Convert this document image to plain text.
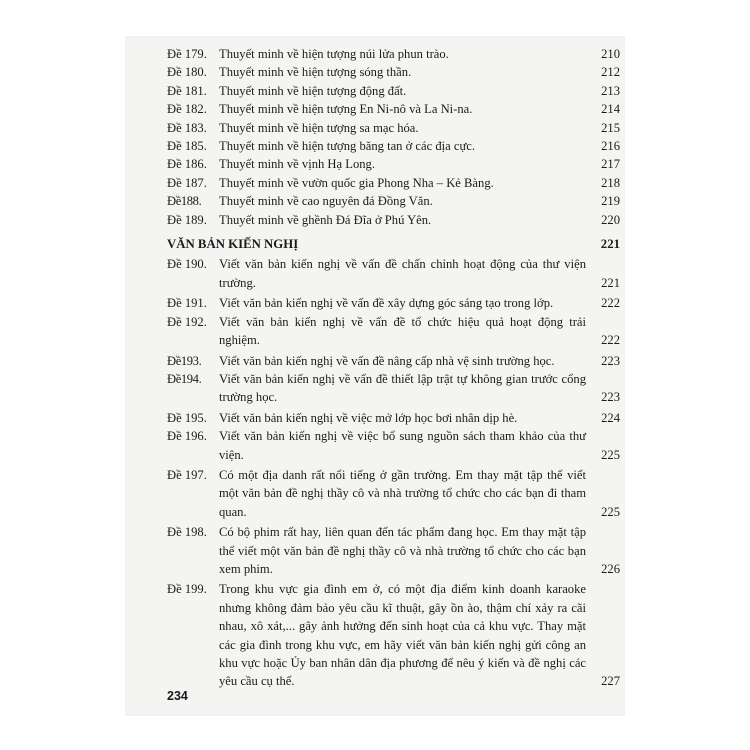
Đề 179. Thuyết minh về hiện tượng núi lửa phun trào.	210
Đề 180. Thuyết minh về hiện tượng sóng thần.	212
Đề 181. Thuyết minh về hiện tượng động đất.	213
Đề 182. Thuyết minh về hiện tượng En Ni-nô và La Ni-na.	214
Đề 183. Thuyết minh về hiện tượng sa mạc hóa.	215
Đề 185. Thuyết minh về hiện tượng băng tan ở các địa cực.	216
Đề 186. Thuyết minh về vịnh Hạ Long.	217
Đề 187. Thuyết minh về vườn quốc gia Phong Nha – Kẻ Bàng.	218
Đề188.	Thuyết minh về cao nguyên đá Đồng Văn.	219
Đề 189. Thuyết minh về ghềnh Đá Đĩa ở Phú Yên.	220
VĂN BẢN KIẾN NGHỊ	221
Đề 190. Viết văn bản kiến nghị về vấn đề chấn chỉnh hoạt động của thư viện trường.	221
Đề 191. Viết văn bản kiến nghị về vấn đề xây dựng góc sáng tạo trong lớp.	222
Đề 192. Viết văn bản kiến nghị về vấn đề tổ chức hiệu quả hoạt động trải nghiệm.	222
Đề193.	Viết văn bản kiến nghị về vấn đề nâng cấp nhà vệ sinh trường học.	223
Đề194.	Viết văn bản kiến nghị về vấn đề thiết lập trật tự không gian trước cổng trường học.	223
Đề 195. Viết văn bản kiến nghị về việc mở lớp học bơi nhân dịp hè.	224
Đề 196. Viết văn bản kiến nghị về việc bổ sung nguồn sách tham khảo của thư viện.	225
Đề 197. Có một địa danh rất nổi tiếng ở gần trường. Em thay mặt tập thể viết một văn bản đề nghị thầy cô và nhà trường tổ chức cho các bạn đi tham quan.	225
Đề 198. Có bộ phim rất hay, liên quan đến tác phẩm đang học. Em thay mặt tập thể viết một văn bản đề nghị thầy cô và nhà trường tổ chức cho các bạn xem phim.	226
Đề 199. Trong khu vực gia đình em ở, có một địa điểm kinh doanh karaoke nhưng không đảm bảo yêu cầu kĩ thuật, gây ồn ào, thậm chí xảy ra cãi nhau, xô xát,... gây ảnh hưởng đến sinh hoạt của cả khu vực. Thay mặt các gia đình trong khu vực, em hãy viết văn bản kiến nghị gửi công an khu vực hoặc Ủy ban nhân dân địa phương để nêu ý kiến và đề nghị các yêu cầu cụ thể.	227
234
